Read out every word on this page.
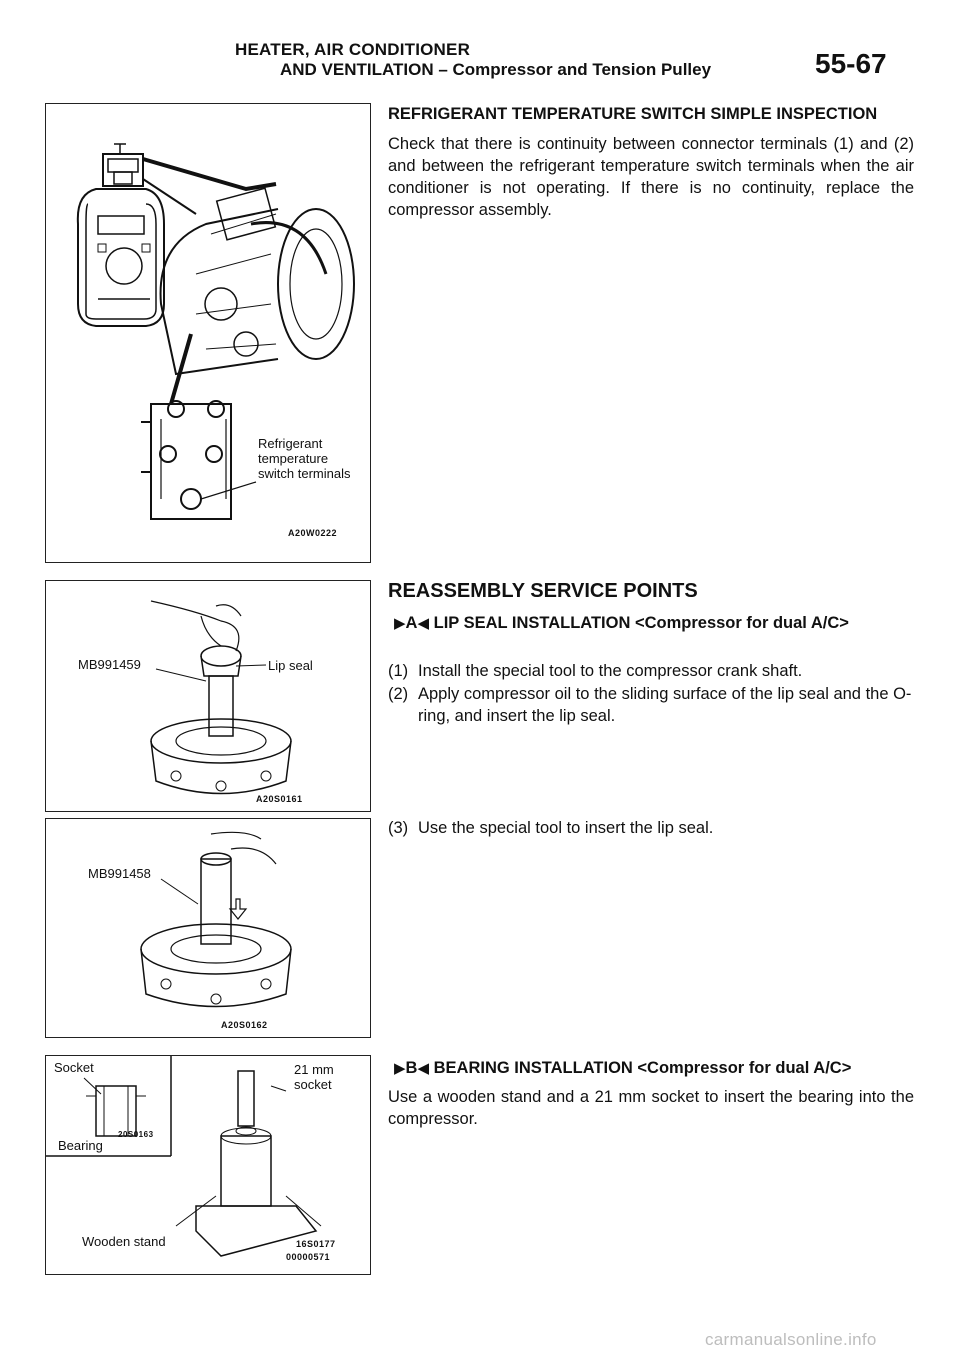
HEATER, AIR CONDITIONER
AND VENTILATION – Compressor and Tension Pulley	55-67
Refrigerant
temperature
switch terminals
A20W0222
MB991459	Lip seal
A20S0161
MB991458
A20S0162
Socket
Bearing
20S0163
21 mm
socket
Wooden stand	16S0177
00000571
REFRIGERANT TEMPERATURE SWITCH SIMPLE INSPECTION
Check that there is continuity between connector terminals (1) and (2) and between the refrigerant temperature switch terminals when the air conditioner is not operating. If there is no continuity, replace the compressor assembly.
REASSEMBLY SERVICE POINTS
▶A◀ LIP SEAL INSTALLATION <Compressor for dual A/C>
(1) Install the special tool to the compressor crank shaft.
(2) Apply compressor oil to the sliding surface of the lip seal and the O-ring, and insert the lip seal.
(3) Use the special tool to insert the lip seal.
▶B◀ BEARING INSTALLATION <Compressor for dual A/C>
Use a wooden stand and a 21 mm socket to insert the bearing into the compressor.
carmanualsonline.info
